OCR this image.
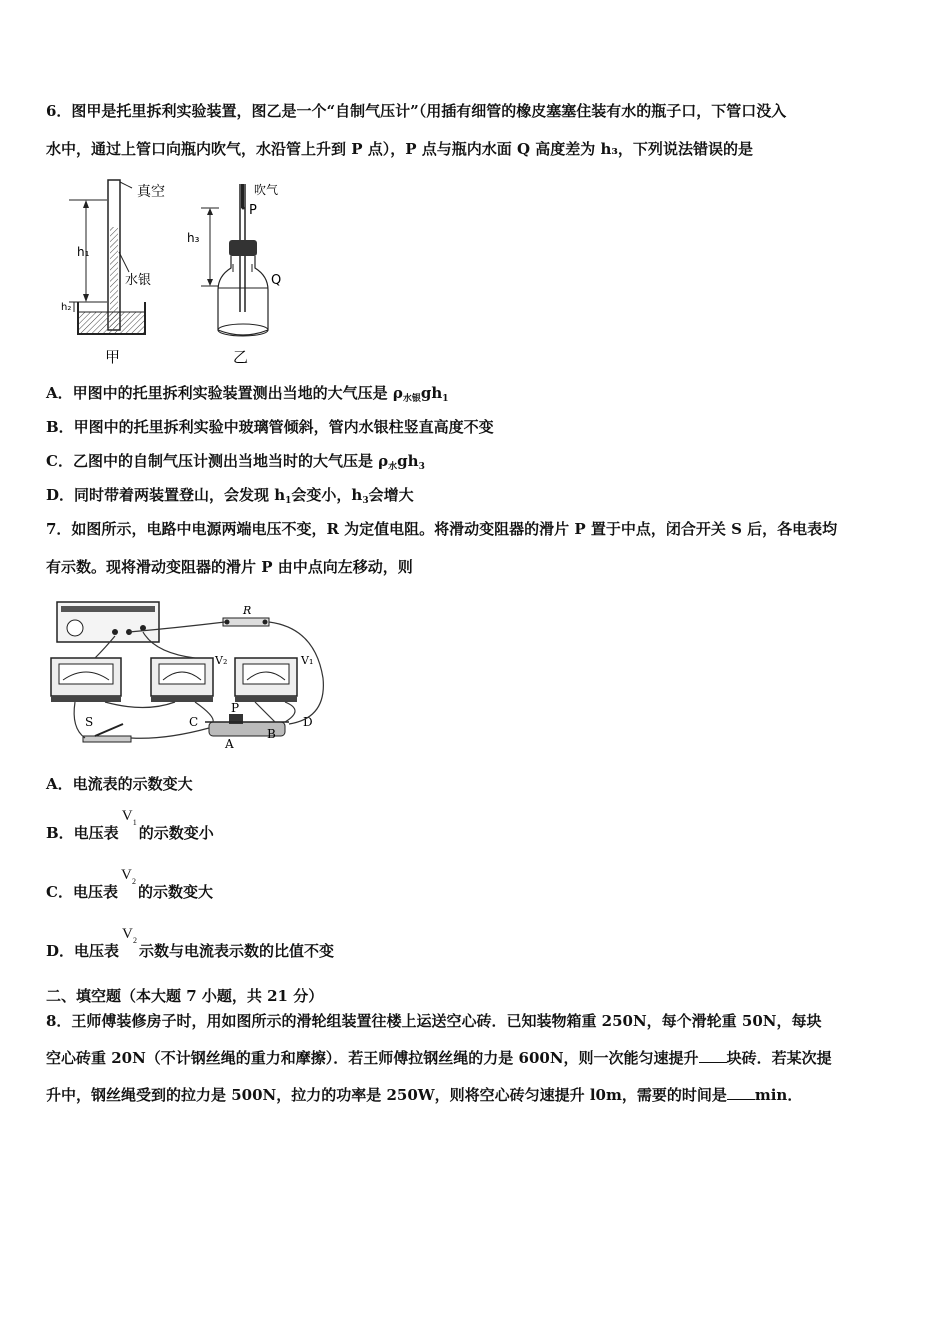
6．图甲是托里拆利实验装置，图乙是一个“自制气压计”（用插有细管的橡皮塞塞住装有水的瓶子口，下管口没入
水中，通过上管口向瓶内吹气，水沿管上升到 P 点），P 点与瓶内水面 Q 高度差为 h₃，下列说法错误的是
真空
水银
h₁
h₂
甲
吹气
P
Q
h₃
乙
A．甲图中的托里拆利实验装置测出当地的大气压是 $\rho_{水银}gh_1$
B．甲图中的托里拆利实验中玻璃管倾斜，管内水银柱竖直高度不变
C．乙图中的自制气压计测出当地当时的大气压是 $\rho_水gh_3$
D．同时带着两装置登山，会发现 $h_1$会变小，$h_3$会增大
7．如图所示，电路中电源两端电压不变，R 为定值电阻。将滑动变阻器的滑片 P 置于中点，闭合开关 S 后，各电表均
有示数。现将滑动变阻器的滑片 P 由中点向左移动，则
R
V₂	V₁
S	C
P
D
A
B
A．电流表的示数变大
B．电压表
V 1
的示数变小
C．电压表
V 2
的示数变大
D．电压表
V 2
示数与电流表示数的比值不变
二、填空题（本大题 7 小题，共 21 分）
8．王师傅装修房子时，用如图所示的滑轮组装置往楼上运送空心砖．已知装物箱重 250N，每个滑轮重 50N，每块
空心砖重 20N（不计钢丝绳的重力和摩擦）．若王师傅拉钢丝绳的力是 600N，则一次能匀速提升 块砖．若某次提
升中，钢丝绳受到的拉力是 500N，拉力的功率是 250W，则将空心砖匀速提升 l0m，需要的时间是 min．
